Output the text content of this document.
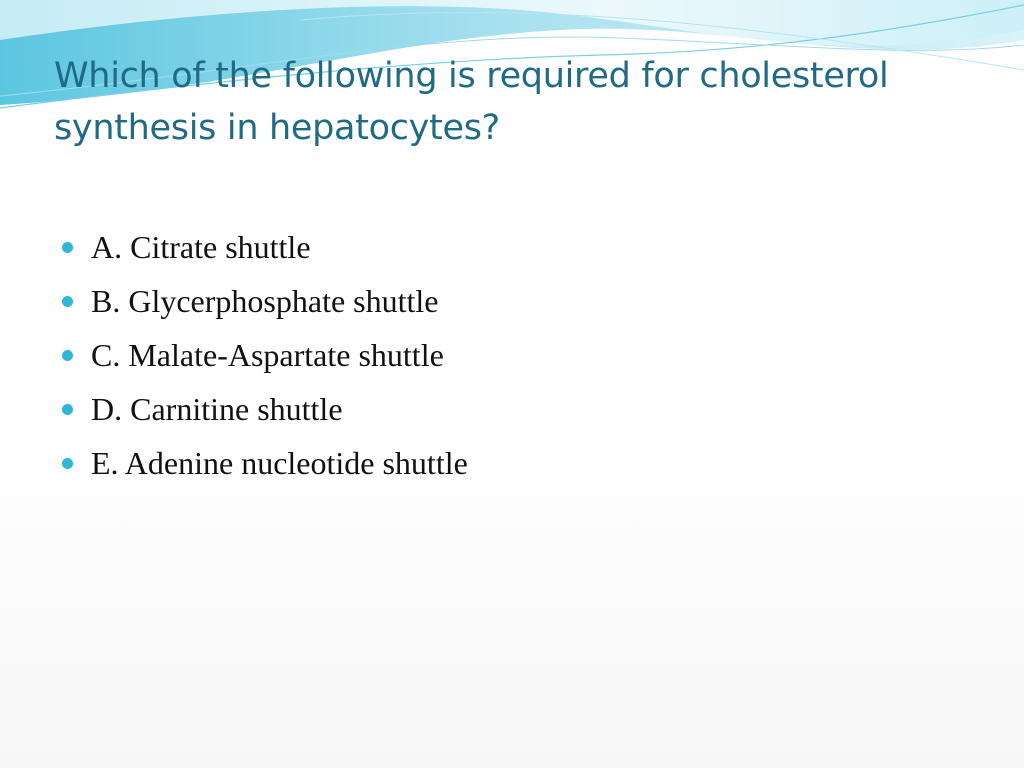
Which of the following is required for cholesterol synthesis in hepatocytes?
A. Citrate shuttle
B. Glycerphosphate shuttle
C. Malate-Aspartate shuttle
D. Carnitine shuttle
E. Adenine nucleotide shuttle
